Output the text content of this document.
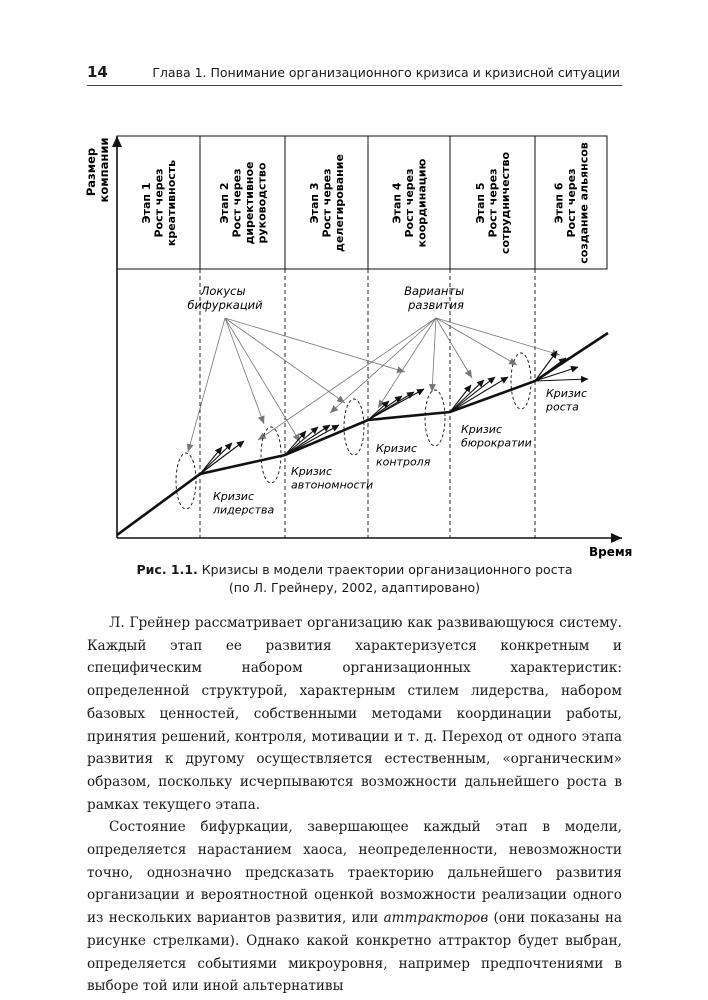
14	Глава 1. Понимание организационного кризиса и кризисной ситуации
Размер компании
Время
Этап 1Рост черезкреативность	Этап 2Рост черездирективноеруководство	Этап 3Рост черезделегирование	Этап 4Рост черезкоординацию	Этап 5Рост черезсотрудничество	Этап 6Рост черезсоздание альянсов
Локусы бифуркаций
Варианты развития
Кризис лидерства
Кризис автономности
Кризис контроля
Кризис бюрократии
Кризис роста
Рис. 1.1. Кризисы в модели траектории организационного роста
(по Л. Грейнеру, 2002, адаптировано)

Л. Грейнер рассматривает организацию как развивающуюся систему. Каждый этап ее развития характеризуется конкретным и специфическим набором организационных характеристик: определенной структурой, характерным стилем лидерства, набором базовых ценностей, собственными методами координации работы, принятия решений, контроля, мотивации и т. д. Переход от одного этапа развития к другому осуществляется естественным, «органическим» образом, поскольку исчерпываются возможности дальнейшего роста в рамках текущего этапа.

Состояние бифуркации, завершающее каждый этап в модели, определяется нарастанием хаоса, неопределенности, невозможности точно, однозначно предсказать траекторию дальнейшего развития организации и вероятностной оценкой возможности реализации одного из нескольких вариантов развития, или аттракторов (они показаны на рисунке стрелками). Однако какой конкретно аттрактор будет выбран, определяется событиями микроуровня, например предпочтениями в выборе той или иной альтернативы
